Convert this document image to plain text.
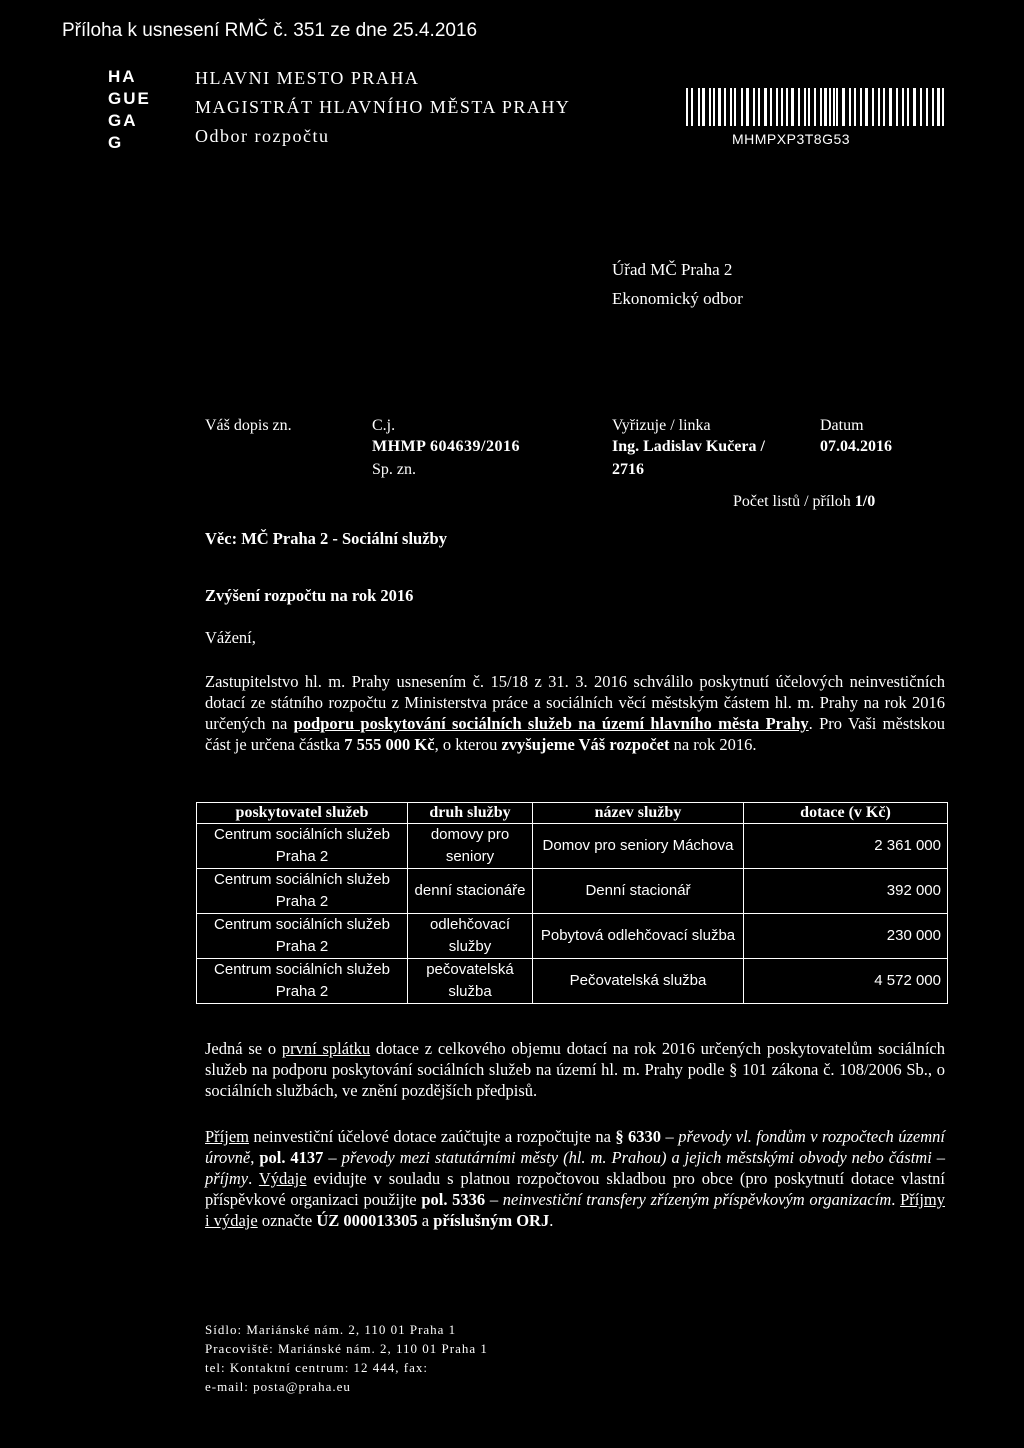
Příloha k usnesení RMČ č. 351 ze dne 25.4.2016
HA
GUE
GA
G
HLAVNI MESTO PRAHA
MAGISTRÁT HLAVNÍHO MĚSTA PRAHY
Odbor rozpočtu	MHMPXP3T8G53
Úřad MČ Praha 2
Ekonomický odbor
Váš dopis zn.	C.j.
MHMP 604639/2016
Sp. zn.
Vyřizuje / linka
Ing. Ladislav Kučera /
2716
Datum
07.04.2016
Počet listů / příloh 1/0
Věc: MČ Praha 2 - Sociální služby
Zvýšení rozpočtu na rok 2016
Vážení,
Zastupitelstvo hl. m. Prahy usnesením č. 15/18 z 31. 3. 2016 schválilo poskytnutí účelových neinvestičních dotací ze státního rozpočtu z Ministerstva práce a sociálních věcí městským částem hl. m. Prahy na rok 2016 určených na podporu poskytování sociálních služeb na území hlavního města Prahy. Pro Vaši městskou část je určena částka 7 555 000 Kč, o kterou zvyšujeme Váš rozpočet na rok 2016.
poskytovatel služeb	druh služby	název služby	dotace (v Kč)
Centrum sociálních služeb Praha 2	domovy pro seniory	Domov pro seniory Máchova	2 361 000
Centrum sociálních služeb Praha 2	denní stacionáře	Denní stacionář	392 000
Centrum sociálních služeb Praha 2	odlehčovací služby	Pobytová odlehčovací služba	230 000
Centrum sociálních služeb Praha 2	pečovatelská služba	Pečovatelská služba	4 572 000
Jedná se o první splátku dotace z celkového objemu dotací na rok 2016 určených poskytovatelům sociálních služeb na podporu poskytování sociálních služeb na území hl. m. Prahy podle § 101 zákona č. 108/2006 Sb., o sociálních službách, ve znění pozdějších předpisů.
Příjem neinvestiční účelové dotace zaúčtujte a rozpočtujte na § 6330 – převody vl. fondům v rozpočtech územní úrovně, pol. 4137 – převody mezi statutárními městy (hl. m. Prahou) a jejich městskými obvody nebo částmi – příjmy. Výdaje evidujte v souladu s platnou rozpočtovou skladbou pro obce (pro poskytnutí dotace vlastní příspěvkové organizaci použijte pol. 5336 – neinvestiční transfery zřízeným příspěvkovým organizacím. Příjmy i výdaje označte ÚZ 000013305 a příslušným ORJ.
Sídlo: Mariánské nám. 2, 110 01 Praha 1
Pracoviště: Mariánské nám. 2, 110 01 Praha 1
tel: Kontaktní centrum: 12 444, fax:
e-mail: posta@praha.eu
